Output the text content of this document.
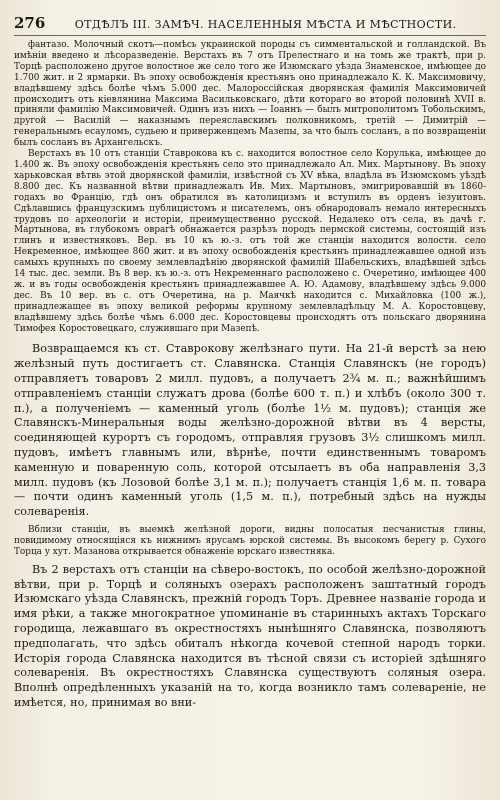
276	ОТДѢЛЪ III. ЗАМѢЧ. НАСЕЛЕННЫЯ МѢСТА И МѢСТНОСТИ.

фантазо. Молочный скотъ—помѣсь украинской породы съ симментальской и голландской. Въ имѣніи введено и лѣсоразведеніе. Верстахъ въ 7 отъ Прелестнаго и на томъ же трактѣ, при р. Торцѣ расположено другое волостное же село того же Изюмскаго уѣзда Знаменское, имѣющее до 1.700 жит. и 2 ярмарки. Въ эпоху освобожденія крестьянъ оно принадлежало К. К. Максимовичу, владѣвшему здѣсь болѣе чѣмъ 5.000 дес. Малороссійская дворянская фамилія Максимовичей происходитъ отъ кіевлянина Максима Васильковскаго, дѣти котораго во второй половинѣ XVII в. приняли фамилію Максимовичей. Одинъ изъ нихъ — Іоаннъ — былъ митрополитомъ Тобольскимъ, другой — Василій — наказнымъ переяславскимъ полковникомъ, третій — Димитрій — генеральнымъ есауломъ, судьею и приверженцемъ Мазепы, за что былъ сосланъ, а по возвращеніи былъ сосланъ въ Архангельскъ.

Верстахъ въ 10 отъ станціи Ставрокова къ с. находится волостное село Корулька, имѣющее до 1.400 ж. Въ эпоху освобожденія крестьянъ село это принадлежало Ал. Мих. Мартынову. Въ эпоху харьковская вѣтвь этой дворянской фамиліи, извѣстной съ XV вѣка, владѣла въ Изюмскомъ уѣздѣ 8.800 дес. Къ названной вѣтви принадлежалъ Ив. Мих. Мартыновъ, эмигрировавшій въ 1860-годахъ во Францію, гдѣ онъ обратился въ католицизмъ и вступилъ въ орденъ іезуитовъ. Сдѣлавшись французскимъ публицистомъ и писателемъ, онъ обнародовалъ немало интересныхъ трудовъ по археологіи и исторіи, преимущественно русской. Недалеко отъ села, въ дачѣ г. Мартынова, въ глубокомъ оврагѣ обнажается разрѣзъ породъ пермской системы, состоящій изъ глинъ и известняковъ. Вер. въ 10 къ ю.-з. отъ той же станціи находится волости. село Некременное, имѣющее 860 жит. и въ эпоху освобожденія крестьянъ принадлежавшее одной изъ самыхъ крупныхъ по своему землевладѣнію дворянской фамилій Шабельскихъ, владѣвшей здѣсь 14 тыс. дес. земли. Въ 8 вер. къ ю.-з. отъ Некременнаго расположено с. Очеретино, имѣющее 400 ж. и въ годы освобожденія крестьянъ принадлежавшее А. Ю. Адамову, владѣвшему здѣсь 9.000 дес. Въ 10 вер. въ с. отъ Очеретина, на р. Маячкѣ находится с. Михайловка (100 ж.), принадлежащее въ эпоху великой реформы крупному землевладѣльцу М. А. Коростовцеву, владѣвшему здѣсь болѣе чѣмъ 6.000 дес. Коростовцевы происходятъ отъ польскаго дворянина Тимофея Коростовецкаго, служившаго при Мазепѣ.

Возвращаемся къ ст. Ставрокову желѣзнаго пути. На 21-й верстѣ за нею желѣзный путь достигаетъ ст. Славянска. Станція Славянскъ (не городъ) отправляетъ товаровъ 2 милл. пудовъ, а получаетъ 2¾ м. п.; важнѣйшимъ отправленіемъ станціи служатъ дрова (болѣе 600 т. п.) и хлѣбъ (около 300 т. п.), а полученіемъ — каменный уголь (болѣе 1½ м. пудовъ); станція же Славянскъ-Минеральныя воды желѣзно-дорожной вѣтви въ 4 версты, соединяющей курортъ съ городомъ, отправляя грузовъ 3½ слишкомъ милл. пудовъ, имѣетъ главнымъ или, вѣрнѣе, почти единственнымъ товаромъ каменную и поваренную соль, которой отсылаетъ въ оба направленія 3,3 милл. пудовъ (къ Лозовой болѣе 3,1 м. п.); получаетъ станція 1,6 м. п. товара — почти одинъ каменный уголь (1,5 м. п.), потребный здѣсь на нужды солеваренія.

Вблизи станціи, въ выемкѣ желѣзной дороги, видны полосатыя песчанистыя глины, повидимому относящіяся къ нижнимъ ярусамъ юрской системы. Въ высокомъ берегу р. Сухого Торца у хут. Мазанова открывается обнаженіе юрскаго известняка.

Въ 2 верстахъ отъ станціи на сѣверо-востокъ, по особой желѣзно-дорожной вѣтви, при р. Торцѣ и соляныхъ озерахъ расположенъ заштатный городъ Изюмскаго уѣзда Славянскъ, прежній городъ Торъ. Древнее названіе города и имя рѣки, а также многократное упоминаніе въ старинныхъ актахъ Торскаго городища, лежавшаго въ окрестностяхъ нынѣшняго Славянска, позволяютъ предполагать, что здѣсь обиталъ нѣкогда кочевой степной народъ торки. Исторія города Славянска находится въ тѣсной связи съ исторіей здѣшняго солеваренія. Въ окрестностяхъ Славянска существуютъ соляныя озера. Вполнѣ опредѣленныхъ указаній на то, когда возникло тамъ солевареніе, не имѣется, но, принимая во вни-
